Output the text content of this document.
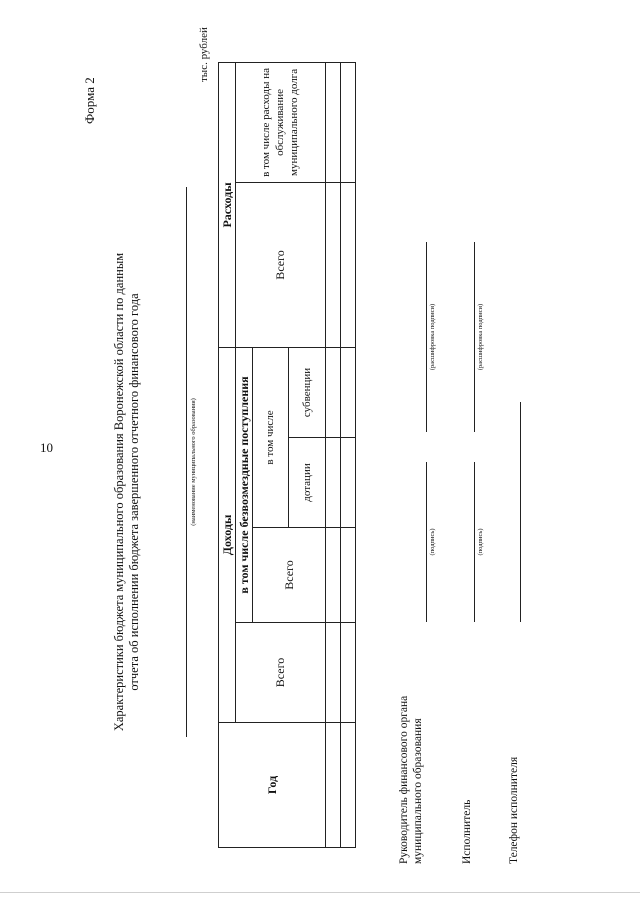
10
Форма 2
Характеристики бюджета муниципального образования Воронежской области по данным отчета об исполнении бюджета завершенного отчетного финансового года	(наименование муниципального образования)
тыс. рублей
Год	Доходы				Расходы	
	Всего	в том числе безвозмездные поступления			Всего	в том числе расходы на обслуживание муниципального долга
		Всего	в том числе			
			дотации	субвенции		

Руководитель финансового органа муниципального образования
(подпись)
(расшифровка подписи)
Исполнитель
(подпись)
(расшифровка подписи)
Телефон исполнителя
